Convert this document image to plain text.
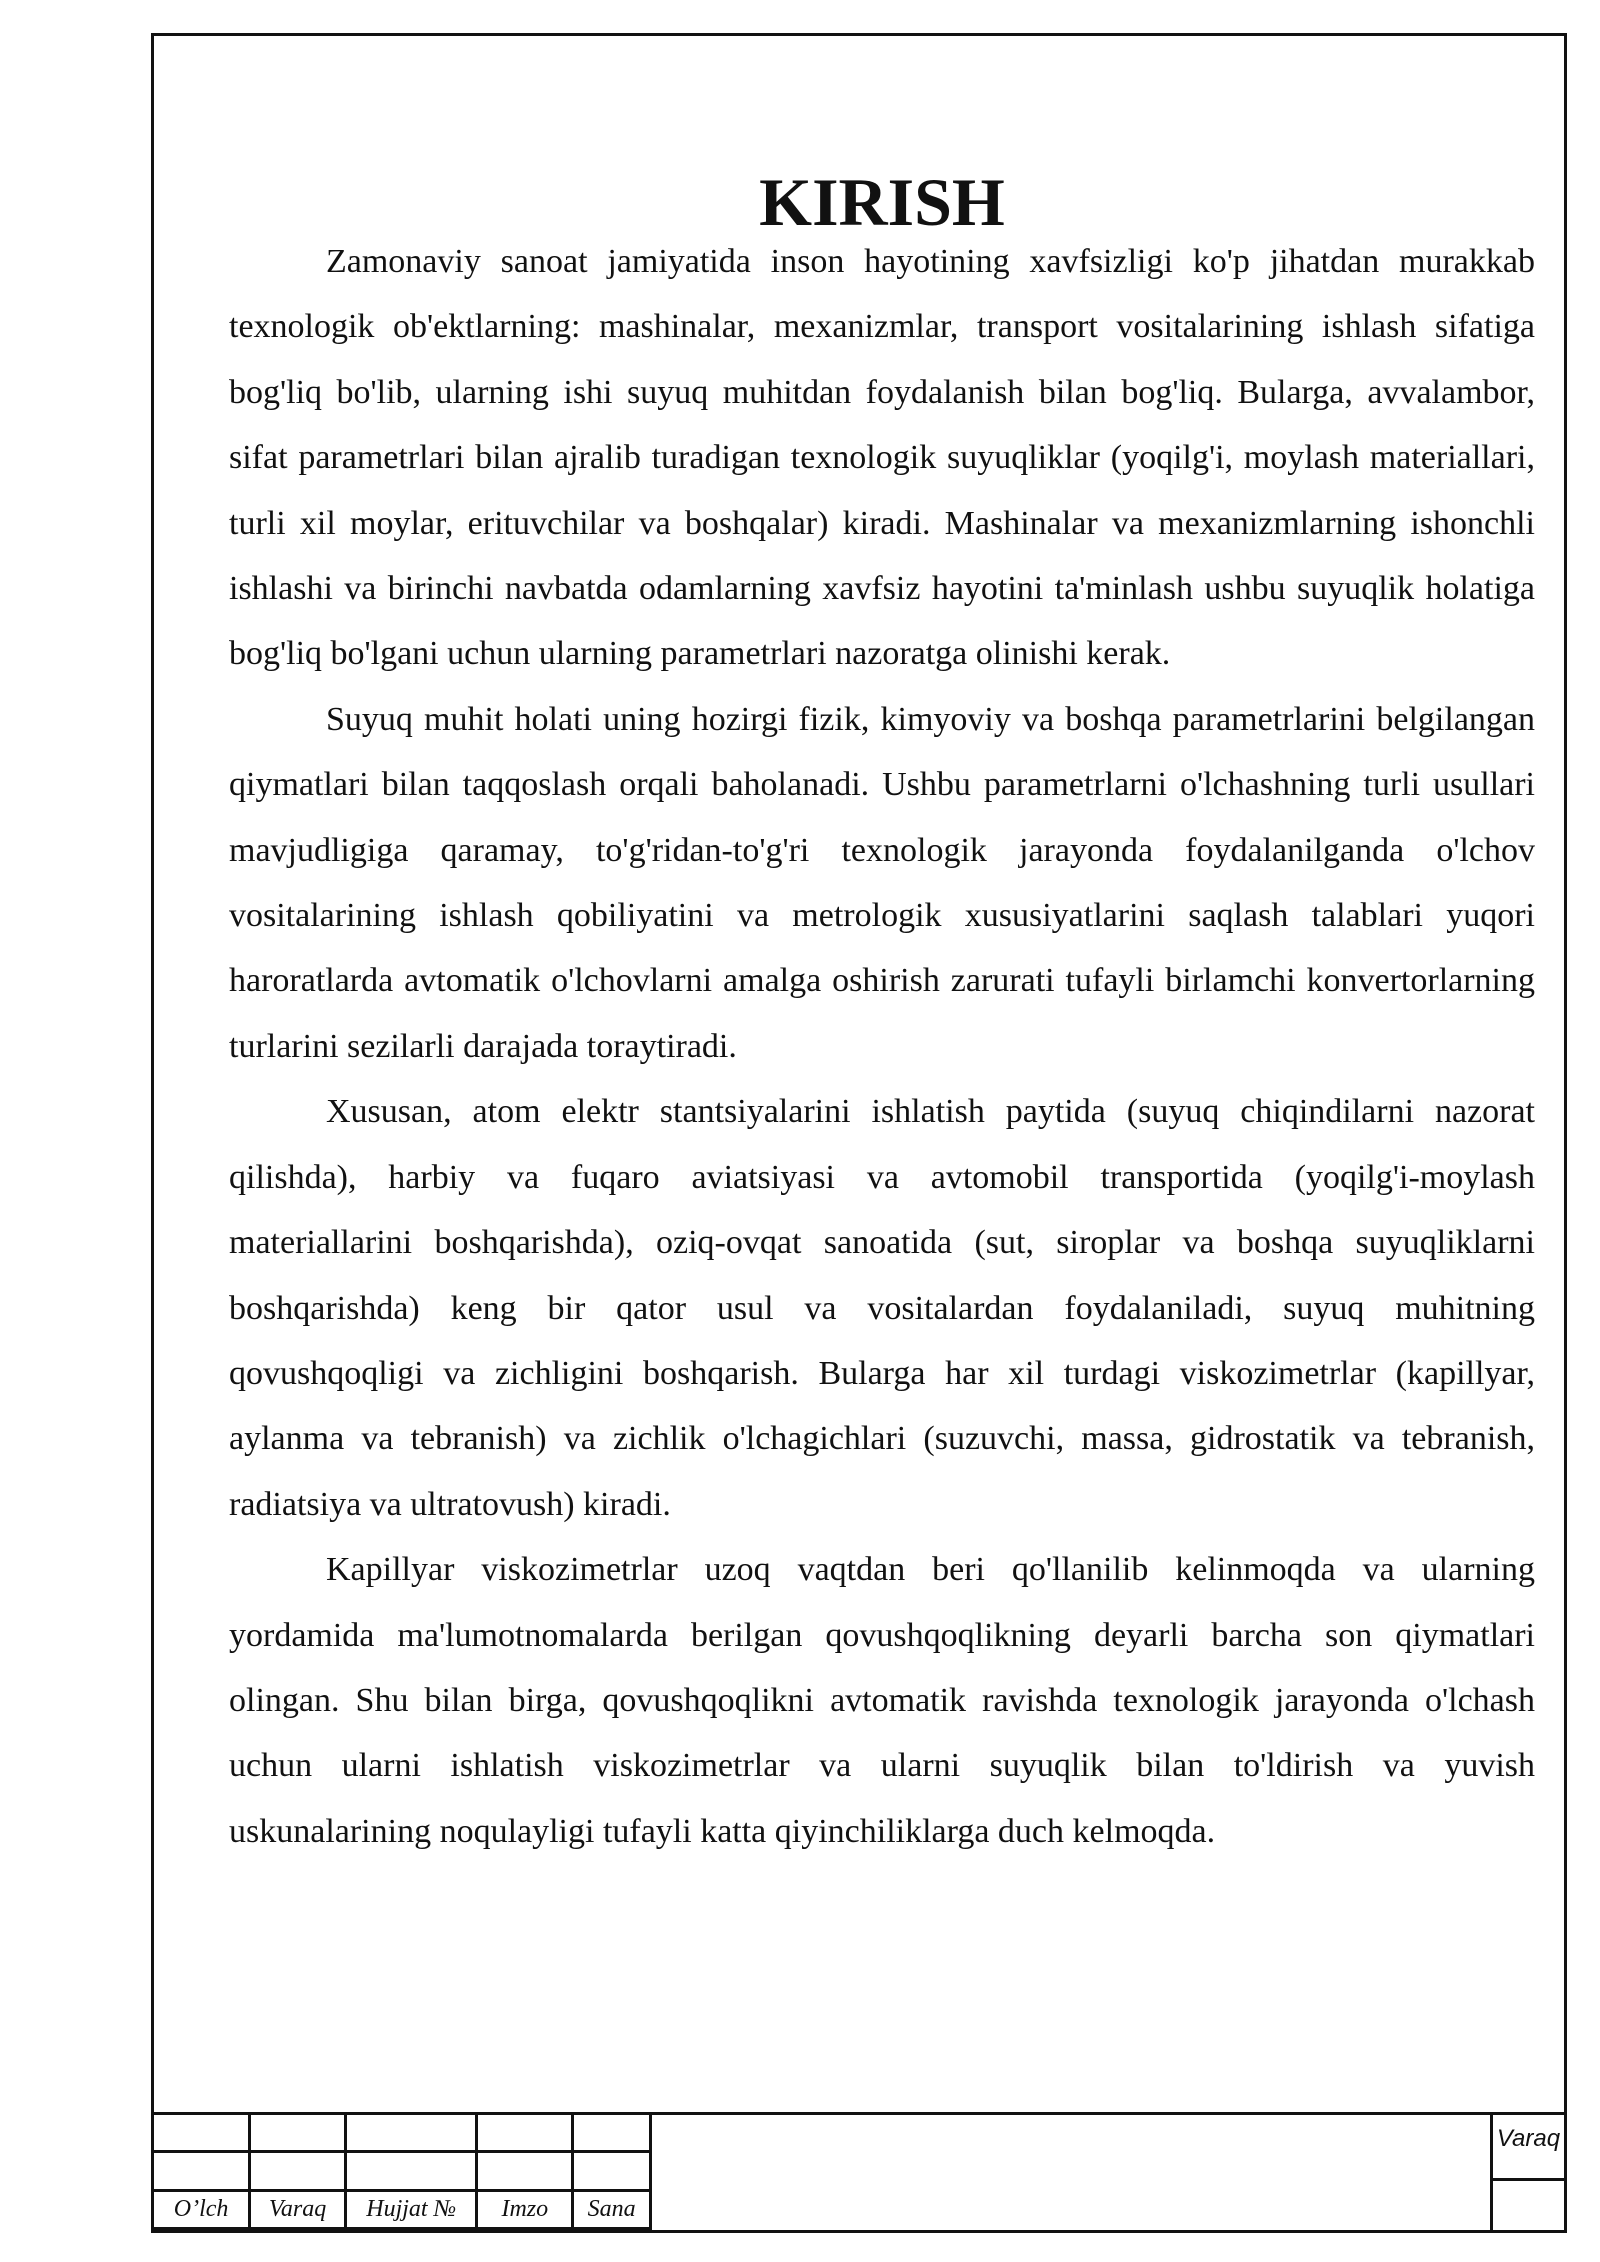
KIRISH

Zamonaviy sanoat jamiyatida inson hayotining xavfsizligi ko'p jihatdan murakkab texnologik ob'ektlarning: mashinalar, mexanizmlar, transport vositalarining ishlash sifatiga bog'liq bo'lib, ularning ishi suyuq muhitdan foydalanish bilan bog'liq. Bularga, avvalambor, sifat parametrlari bilan ajralib turadigan texnologik suyuqliklar (yoqilg'i, moylash materiallari, turli xil moylar, erituvchilar va boshqalar) kiradi. Mashinalar va mexanizmlarning ishonchli ishlashi va birinchi navbatda odamlarning xavfsiz hayotini ta'minlash ushbu suyuqlik holatiga bog'liq bo'lgani uchun ularning parametrlari nazoratga olinishi kerak.

Suyuq muhit holati uning hozirgi fizik, kimyoviy va boshqa parametrlarini belgilangan qiymatlari bilan taqqoslash orqali baholanadi. Ushbu parametrlarni o'lchashning turli usullari mavjudligiga qaramay, to'g'ridan-to'g'ri texnologik jarayonda foydalanilganda o'lchov vositalarining ishlash qobiliyatini va metrologik xususiyatlarini saqlash talablari yuqori haroratlarda avtomatik o'lchovlarni amalga oshirish zarurati tufayli birlamchi konvertorlarning turlarini sezilarli darajada toraytiradi.

Xususan, atom elektr stantsiyalarini ishlatish paytida (suyuq chiqindilarni nazorat qilishda), harbiy va fuqaro aviatsiyasi va avtomobil transportida (yoqilg'i-moylash materiallarini boshqarishda), oziq-ovqat sanoatida (sut, siroplar va boshqa suyuqliklarni boshqarishda) keng bir qator usul va vositalardan foydalaniladi, suyuq muhitning qovushqoqligi va zichligini boshqarish. Bularga har xil turdagi viskozimetrlar (kapillyar, aylanma va tebranish) va zichlik o'lchagichlari (suzuvchi, massa, gidrostatik va tebranish, radiatsiya va ultratovush) kiradi.

Kapillyar viskozimetrlar uzoq vaqtdan beri qo'llanilib kelinmoqda va ularning yordamida ma'lumotnomalarda berilgan qovushqoqlikning deyarli barcha son qiymatlari olingan. Shu bilan birga, qovushqoqlikni avtomatik ravishda texnologik jarayonda o'lchash uchun ularni ishlatish viskozimetrlar va ularni suyuqlik bilan to'ldirish va yuvish uskunalarining noqulayligi tufayli katta qiyinchiliklarga duch kelmoqda.

O’lch	Varaq	Hujjat №	Imzo	Sana
Varaq
